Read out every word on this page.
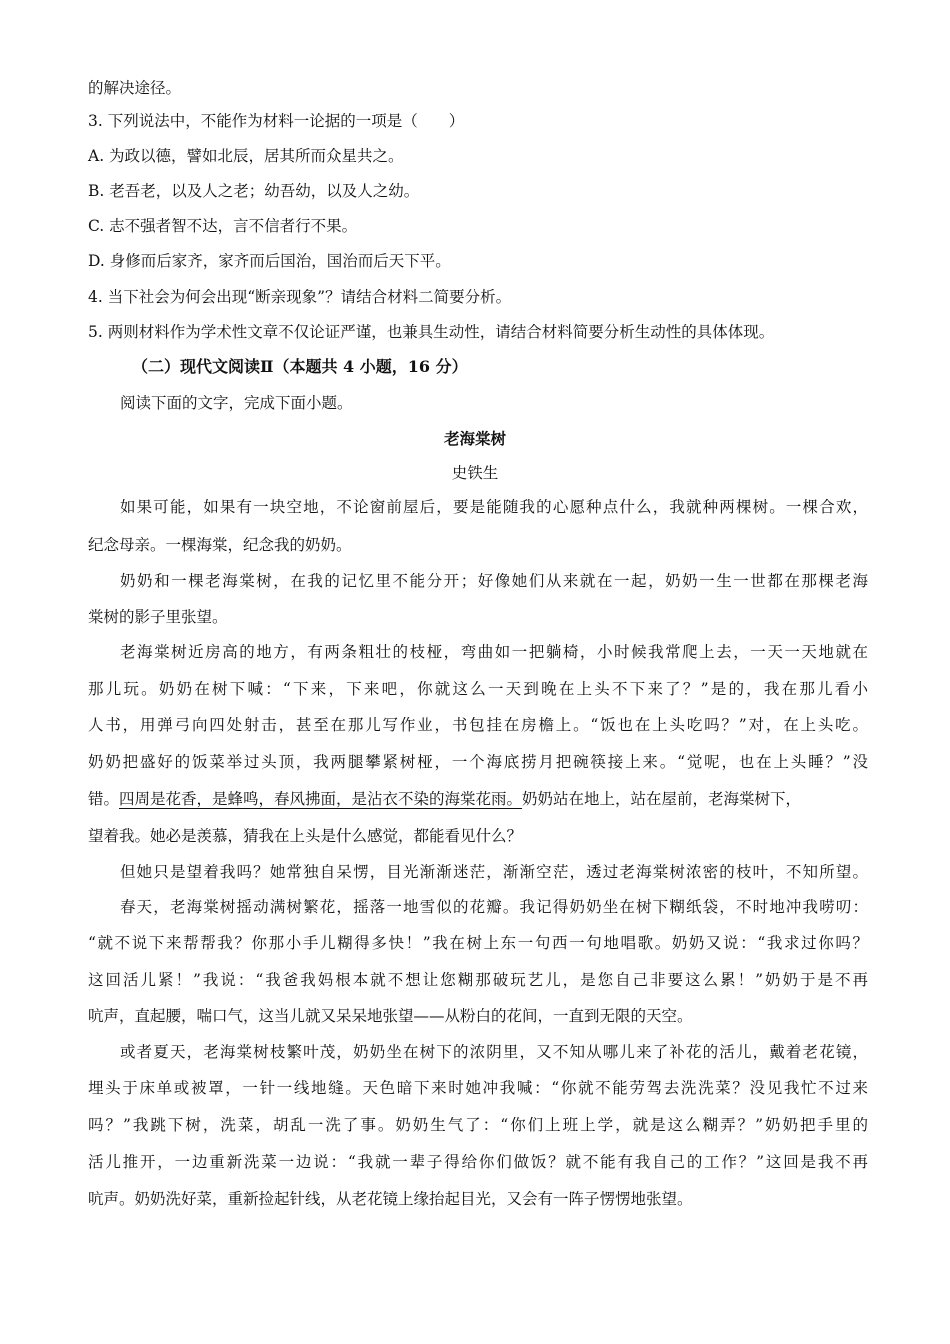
的解决途径。
3. 下列说法中，不能作为材料一论据的一项是（　　）
A. 为政以德，譬如北辰，居其所而众星共之。
B. 老吾老，以及人之老；幼吾幼，以及人之幼。
C. 志不强者智不达，言不信者行不果。
D. 身修而后家齐，家齐而后国治，国治而后天下平。
4. 当下社会为何会出现“断亲现象”？请结合材料二简要分析。
5. 两则材料作为学术性文章不仅论证严谨，也兼具生动性，请结合材料简要分析生动性的具体体现。
（二）现代文阅读Ⅱ（本题共 4 小题，16 分）
阅读下面的文字，完成下面小题。
老海棠树
史铁生
如果可能，如果有一块空地，不论窗前屋后，要是能随我的心愿种点什么，我就种两棵树。一棵合欢，
纪念母亲。一棵海棠，纪念我的奶奶。
奶奶和一棵老海棠树，在我的记忆里不能分开；好像她们从来就在一起，奶奶一生一世都在那棵老海
棠树的影子里张望。
老海棠树近房高的地方，有两条粗壮的枝桠，弯曲如一把躺椅，小时候我常爬上去，一天一天地就在
那儿玩。奶奶在树下喊：“下来，下来吧，你就这么一天到晚在上头不下来了？”是的，我在那儿看小
人书，用弹弓向四处射击，甚至在那儿写作业，书包挂在房檐上。“饭也在上头吃吗？”对，在上头吃。
奶奶把盛好的饭菜举过头顶，我两腿攀紧树桠，一个海底捞月把碗筷接上来。“觉呢，也在上头睡？”没
错。四周是花香，是蜂鸣，春风拂面，是沾衣不染的海棠花雨。奶奶站在地上，站在屋前，老海棠树下，
望着我。她必是羡慕，猜我在上头是什么感觉，都能看见什么？
但她只是望着我吗？她常独自呆愣，目光渐渐迷茫，渐渐空茫，透过老海棠树浓密的枝叶，不知所望。
春天，老海棠树摇动满树繁花，摇落一地雪似的花瓣。我记得奶奶坐在树下糊纸袋，不时地冲我唠叨：
“就不说下来帮帮我？你那小手儿糊得多快！”我在树上东一句西一句地唱歌。奶奶又说：“我求过你吗？
这回活儿紧！”我说：“我爸我妈根本就不想让您糊那破玩艺儿，是您自己非要这么累！”奶奶于是不再
吭声，直起腰，喘口气，这当儿就又呆呆地张望——从粉白的花间，一直到无限的天空。
或者夏天，老海棠树枝繁叶茂，奶奶坐在树下的浓阴里，又不知从哪儿来了补花的活儿，戴着老花镜，
埋头于床单或被罩，一针一线地缝。天色暗下来时她冲我喊：“你就不能劳驾去洗洗菜？没见我忙不过来
吗？”我跳下树，洗菜，胡乱一洗了事。奶奶生气了：“你们上班上学，就是这么糊弄？”奶奶把手里的
活儿推开，一边重新洗菜一边说：“我就一辈子得给你们做饭？就不能有我自己的工作？”这回是我不再
吭声。奶奶洗好菜，重新捡起针线，从老花镜上缘抬起目光，又会有一阵子愣愣地张望。
